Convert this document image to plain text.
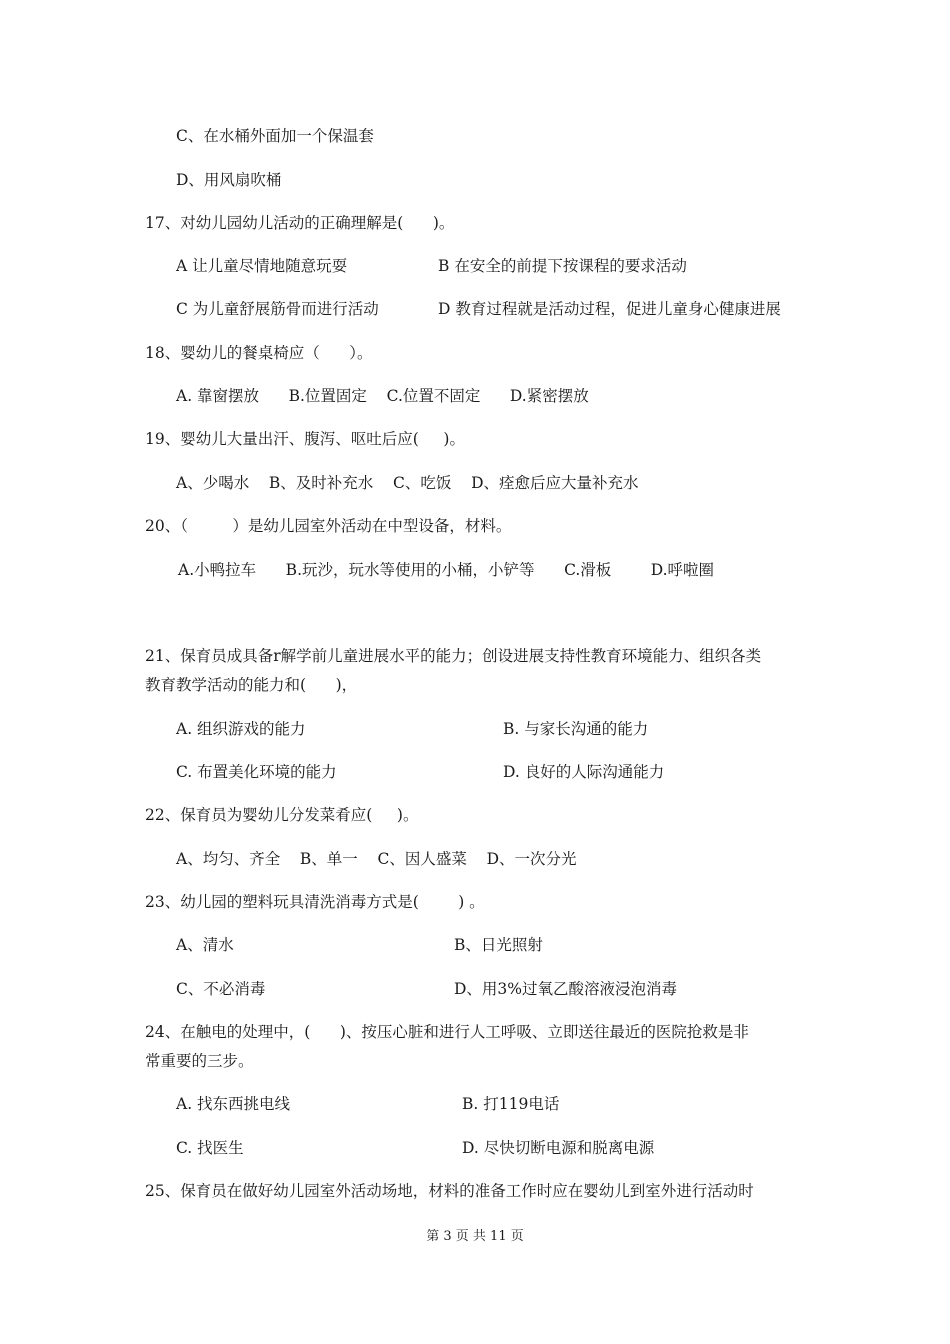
C、在水桶外面加一个保温套
D、用风扇吹桶
17、对幼儿园幼儿活动的正确理解是(      )。
A 让儿童尽情地随意玩耍	B 在安全的前提下按课程的要求活动
C 为儿童舒展筋骨而进行活动	D 教育过程就是活动过程，促进儿童身心健康进展
18、婴幼儿的餐桌椅应（      ）。
A. 靠窗摆放      B.位置固定    C.位置不固定      D.紧密摆放
19、婴幼儿大量出汗、腹泻、呕吐后应(     )。
A、少喝水    B、及时补充水    C、吃饭    D、痊愈后应大量补充水
20、（         ）是幼儿园室外活动在中型设备，材料。
A.小鸭拉车      B.玩沙，玩水等使用的小桶，小铲等      C.滑板        D.呼啦圈
21、保育员成具备r解学前儿童进展水平的能力；创设进展支持性教育环境能力、组织各类
教育教学活动的能力和(      )，
A. 组织游戏的能力	B. 与家长沟通的能力
C. 布置美化环境的能力	D. 良好的人际沟通能力
22、保育员为婴幼儿分发菜肴应(     )。
A、均匀、齐全    B、单一    C、因人盛菜    D、一次分光
23、幼儿园的塑料玩具清洗消毒方式是(        ) 。
A、清水	B、日光照射
C、不必消毒	D、用3%过氧乙酸溶液浸泡消毒
24、在触电的处理中，(      )、按压心脏和进行人工呼吸、立即送往最近的医院抢救是非
常重要的三步。
A. 找东西挑电线	B. 打119电话
C. 找医生	D. 尽快切断电源和脱离电源
25、保育员在做好幼儿园室外活动场地，材料的准备工作时应在婴幼儿到室外进行活动时
第 3 页 共 11 页
